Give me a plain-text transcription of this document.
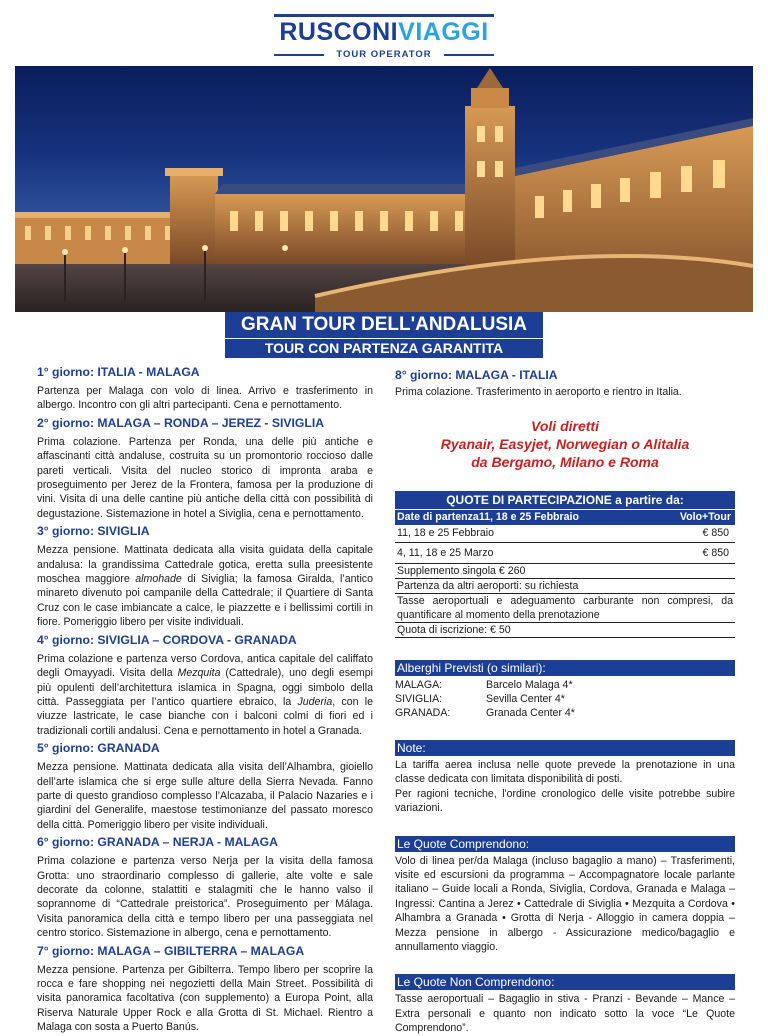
RUSCONIVIAGGI
TOUR OPERATOR
GRAN TOUR DELL'ANDALUSIA
TOUR CON PARTENZA GARANTITA
1° giorno: ITALIA - MALAGA

Partenza per Malaga con volo di linea. Arrivo e trasferimento in albergo. Incontro con gli altri partecipanti. Cena e pernottamento.

2° giorno: MALAGA – RONDA – JEREZ - SIVIGLIA

Prima colazione. Partenza per Ronda, una delle più antiche e affascinanti città andaluse, costruita su un promontorio roccioso dalle pareti verticali. Visita del nucleo storico di impronta araba e proseguimento per Jerez de la Frontera, famosa per la produzione di vini. Visita di una delle cantine più antiche della città con possibilità di degustazione. Sistemazione in hotel a Siviglia, cena e pernottamento.

3° giorno: SIVIGLIA

Mezza pensione. Mattinata dedicata alla visita guidata della capitale andalusa: la grandissima Cattedrale gotica, eretta sulla preesistente moschea maggiore almohade di Siviglia; la famosa Giralda, l’antico minareto divenuto poi campanile della Cattedrale; il Quartiere di Santa Cruz con le case imbiancate a calce, le piazzette e i bellissimi cortili in fiore. Pomeriggio libero per visite individuali.

4° giorno: SIVIGLIA – CORDOVA - GRANADA

Prima colazione e partenza verso Cordova, antica capitale del califfato degli Omayyadi. Visita della Mezquita (Cattedrale), uno degli esempi più opulenti dell’architettura islamica in Spagna, oggi simbolo della città. Passeggiata per l’antico quartiere ebraico, la Juderia, con le viuzze lastricate, le case bianche con i balconi colmi di fiori ed i tradizionali cortili andalusi. Cena e pernottamento in hotel a Granada.

5° giorno: GRANADA

Mezza pensione. Mattinata dedicata alla visita dell’Alhambra, gioiello dell’arte islamica che si erge sulle alture della Sierra Nevada. Fanno parte di questo grandioso complesso l’Alcazaba, il Palacio Nazaries e i giardini del Generalife, maestose testimonianze del passato moresco della città. Pomeriggio libero per visite individuali.

6° giorno: GRANADA – NERJA - MALAGA

Prima colazione e partenza verso Nerja per la visita della famosa Grotta: uno straordinario complesso di gallerie, alte volte e sale decorate da colonne, stalattiti e stalagmiti che le hanno valso il soprannome di “Cattedrale preistorica”. Proseguimento per Málaga. Visita panoramica della città e tempo libero per una passeggiata nel centro storico. Sistemazione in albergo, cena e pernottamento.

7° giorno: MALAGA – GIBILTERRA – MALAGA

Mezza pensione. Partenza per Gibilterra. Tempo libero per scoprire la rocca e fare shopping nei negozietti della Main Street. Possibilità di visita panoramica facoltativa (con supplemento) a Europa Point, alla Riserva Naturale Upper Rock e alla Grotta di St. Michael. Rientro a Malaga con sosta a Puerto Banús.

8° giorno: MALAGA - ITALIA

Prima colazione. Trasferimento in aeroporto e rientro in Italia.

Voli diretti
Ryanair, Easyjet, Norwegian o Alitalia
da Bergamo, Milano e Roma
QUOTE DI PARTECIPAZIONE a partire da:
Date di partenza11, 18 e 25 Febbraio	Volo+Tour
11, 18 e 25 Febbraio	€ 850
4, 11, 18 e 25 Marzo	€ 850
Supplemento singola € 260
Partenza da altri aeroporti: su richiesta
Tasse aeroportuali e adeguamento carburante non compresi, da quantificare al momento della prenotazione
Quota di iscrizione: € 50
Alberghi Previsti (o similari):
MALAGA:	Barcelo Malaga 4*
SIVIGLIA:	Sevilla Center 4*
GRANADA:	Granada Center 4*
Note:
La tariffa aerea inclusa nelle quote prevede la prenotazione in una classe dedicata con limitata disponibilità di posti.
Per ragioni tecniche, l'ordine cronologico delle visite potrebbe subire variazioni.
Le Quote Comprendono:
Volo di linea per/da Malaga (incluso bagaglio a mano) – Trasferimenti, visite ed escursioni da programma – Accompagnatore locale parlante italiano – Guide locali a Ronda, Siviglia, Cordova, Granada e Malaga – Ingressi: Cantina a Jerez • Cattedrale di Siviglia • Mezquita a Cordova • Alhambra a Granada • Grotta di Nerja - Alloggio in camera doppia – Mezza pensione in albergo - Assicurazione medico/bagaglio e annullamento viaggio.
Le Quote Non Comprendono:
Tasse aeroportuali – Bagaglio in stiva - Pranzi - Bevande – Mance – Extra personali e quanto non indicato sotto la voce “Le Quote Comprendono”.
